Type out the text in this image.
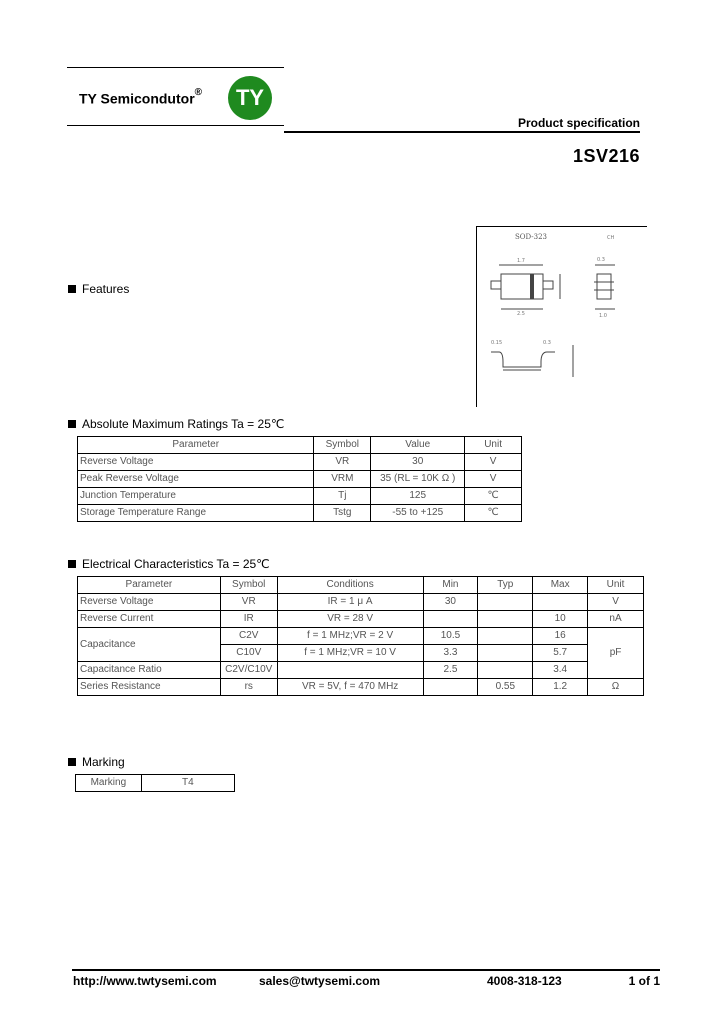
TY Semicondutor®	TY
Product specification
1SV216
SOD-323
1.7
2.5
0.3
1.0
0.15	0.3
CH
Features
Absolute Maximum Ratings Ta = 25℃
Parameter	Symbol	Value	Unit
Reverse Voltage	VR	30	V
Peak Reverse Voltage	VRM	35 (RL = 10K Ω )	V
Junction Temperature	Tj	125	℃
Storage Temperature Range	Tstg	-55 to +125	℃
Electrical Characteristics Ta = 25℃
Parameter	Symbol	Conditions	Min	Typ	Max	Unit
Reverse Voltage	VR	IR = 1 μ A	30			V
Reverse Current	IR	VR = 28 V			10	nA
Capacitance	C2V	f = 1 MHz;VR = 2 V	10.5		16	pF
	C10V	f = 1 MHz;VR = 10 V	3.3		5.7	
Capacitance Ratio	C2V/C10V		2.5		3.4	
Series Resistance	rs	VR = 5V, f = 470 MHz		0.55	1.2	Ω
Marking
Marking	T4
http://www.twtysemi.com	sales@twtysemi.com	4008-318-123	1 of 1
